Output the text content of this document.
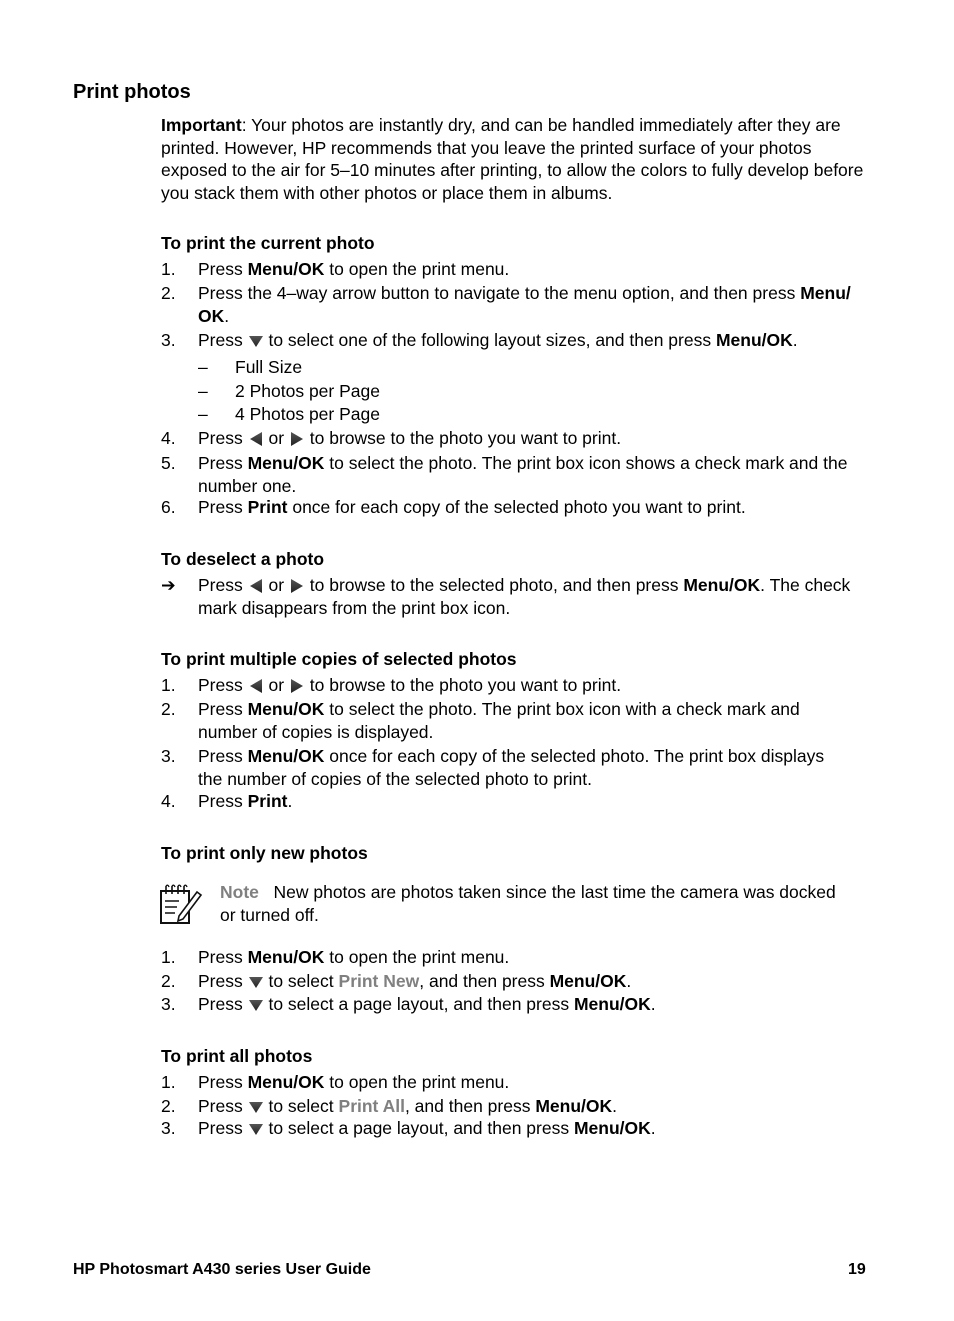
Print photos
Important: Your photos are instantly dry, and can be handled immediately after they are printed. However, HP recommends that you leave the printed surface of your photos exposed to the air for 5–10 minutes after printing, to allow the colors to fully develop before you stack them with other photos or place them in albums.
To print the current photo
1.	Press Menu/OK to open the print menu.
2.	Press the 4–way arrow button to navigate to the menu option, and then press Menu/
OK.
3.	Press  to select one of the following layout sizes, and then press Menu/OK.
– Full Size
– 2 Photos per Page
– 4 Photos per Page
4.	Press  or  to browse to the photo you want to print.
5.	Press Menu/OK to select the photo. The print box icon shows a check mark and the
number one.
6.	Press Print once for each copy of the selected photo you want to print.
To deselect a photo
➔	Press  or  to browse to the selected photo, and then press Menu/OK. The check
mark disappears from the print box icon.
To print multiple copies of selected photos
1.	Press  or  to browse to the photo you want to print.
2.	Press Menu/OK to select the photo. The print box icon with a check mark and
number of copies is displayed.
3.	Press Menu/OK once for each copy of the selected photo. The print box displays
the number of copies of the selected photo to print.
4.	Press Print.
To print only new photos
Note New photos are photos taken since the last time the camera was docked
or turned off.
1.	Press Menu/OK to open the print menu.
2.	Press  to select Print New, and then press Menu/OK.
3.	Press  to select a page layout, and then press Menu/OK.
To print all photos
1.	Press Menu/OK to open the print menu.
2.	Press  to select Print All, and then press Menu/OK.
3.	Press  to select a page layout, and then press Menu/OK.
HP Photosmart A430 series User Guide	19
